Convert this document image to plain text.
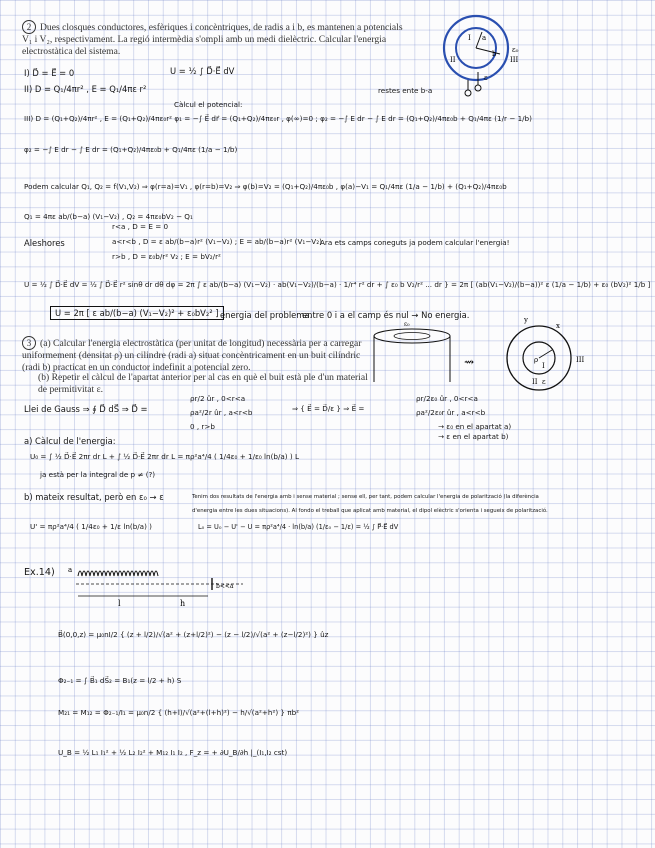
2 Dues closques conductores, esfèriques i concèntriques, de radis a i b, es mantenen a potencials V₁ i V₂, respectivament. La regió intermèdia s'ompli amb un medi dielèctric. Calcular l'energia electrostàtica del sistema.
I
II	III
a
b
ε
ε₀
I) D⃗ = E⃗ = 0	U = ½ ∫ D⃗·E⃗ dV
II) D = Q₁/4πr² , E = Q₁/4πε r²	restes ente b-a
Càlcul el potencial:
III) D = (Q₁+Q₂)/4πr² , E = (Q₁+Q₂)/4πε₀r² φ₁ = −∫ E⃗ dr⃗ = (Q₁+Q₂)/4πε₀r , φ(∞)=0 ; φ₂ = −∫ E dr − ∫ E dr = (Q₁+Q₂)/4πε₀b + Q₁/4πε (1/r − 1/b)
φ₂ = −∫ E dr − ∫ E dr = (Q₁+Q₂)/4πε₀b + Q₁/4πε (1/a − 1/b)
Podem calcular Q₁, Q₂ = f(V₁,V₂) ⇒ φ(r=a)=V₁ , φ(r=b)=V₂ ⇒ φ(b)=V₂ = (Q₁+Q₂)/4πε₀b , φ(a)−V₁ = Q₁/4πε (1/a − 1/b) + (Q₁+Q₂)/4πε₀b
Q₁ = 4πε ab/(b−a) (V₁−V₂) , Q₂ = 4πε₀bV₂ − Q₁
Aleshores
r<a , D = E = 0
a<r<b , D = ε ab/(b−a)r² (V₁−V₂) ; E = ab/(b−a)r² (V₁−V₂)
r>b , D = ε₀b/r² V₂ ; E = bV₂/r²
Ara ets camps coneguts ja podem calcular l'energia!
U = ½ ∫ D⃗·E⃗ dV = ½ ∫ D⃗·E⃗ r² sinθ dr dθ dφ = 2π ∫ ε ab/(b−a) (V₁−V₂) · ab(V₁−V₂)/(b−a) · 1/r⁴ r² dr + ∫ ε₀ b V₂/r² ... dr } = 2π [ (ab(V₁−V₂)/(b−a))² ε (1/a − 1/b) + ε₀ (bV₂)² 1/b ]
U = 2π [ ε ab/(b−a) (V₁−V₂)² + ε₀bV₂² ] energia del problema.
entre 0 i a el camp és nul → No energia.
3 (a) Calcular l'energia electrostàtica (per unitat de longitud) necessària per a carregar uniformement (densitat ρ) un cilindre (radi a) situat concèntricament en un buit cilíndric (radi b) practicat en un conductor indefinit a potencial zero.
(b) Repetir el càlcul de l'apartat anterior per al cas en què el buit està ple d'un material de permitivitat ε.
⇝
ε₀
y
x
ρ
I
II
III
ε
Llei de Gauss ⇒ ∮ D⃗ dS⃗ ⇒ D⃗ =
ρr/2 ûr , 0<r<a
ρa²/2r ûr , a<r<b
0 , r>b
⇒ { E⃗ = D⃗/ε } ⇒ E⃗ =
ρr/2ε₀ ûr , 0<r<a
ρa²/2ε₀r ûr , a<r<b
→ ε₀ en el apartat a)
→ ε en el apartat b)
a) Càlcul de l'energia:
U₀ = ∫ ½ D⃗·E⃗ 2πr dr L + ∫ ½ D⃗·E⃗ 2πr dr L = πρ²a⁴/4 ( 1/4ε₀ + 1/ε₀ ln(b/a) ) L
ja està per la integral de p ≠ (?)
b) mateix resultat, però en ε₀ → ε
U' = πρ²a⁴/4 ( 1/4ε₀ + 1/ε ln(b/a) )
Tenim dos resultats de l'energia amb i sense material ; sense ell, per tant, podem calcular l'energia de polarització (la diferència
d'energia entre les dues situacions). Al fondo el treball que aplicat amb material, el dipol elèctric s'orienta i segueix de polarització.
L₀ = U₀ − U' − U = πρ²a⁴/4 · ln(b/a) (1/ε₀ − 1/ε) = ½ ∫ P⃗·E⃗ dV
Ex.14) a
l	h
b<<a
B⃗(0,0,z) = μ₀nI/2 { (z + l/2)/√(a² + (z+l/2)²) − (z − l/2)/√(a² + (z−l/2)²) } ûz
Φ₂₋₁ = ∫ B⃗₁ dS⃗₂ = B₁(z = l/2 + h) S
M₂₁ = M₁₂ = Φ₂₋₁/I₁ = μ₀n/2 { (h+l)/√(a²+(l+h)²) − h/√(a²+h²) } πb²
U_B = ½ L₁ I₁² + ½ L₂ I₂² + M₁₂ I₁ I₂ , F_z = + ∂U_B/∂h |_(I₁,I₂ cst)
